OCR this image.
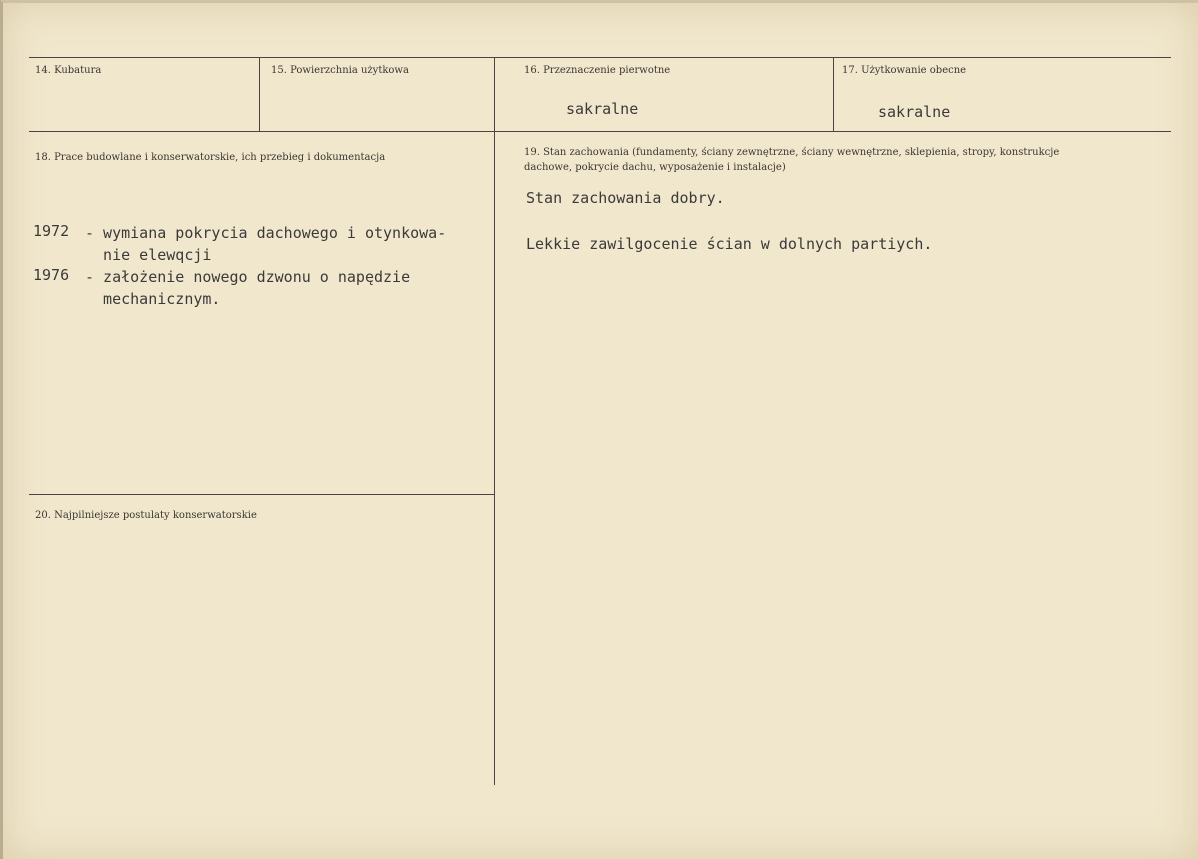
14. Kubatura	15. Powierzchnia użytkowa	16. Przeznaczenie pierwotne
sakralne
17. Użytkowanie obecne
sakralne
18. Prace budowlane i konserwatorskie, ich przebieg i dokumentacja
1972 - wymiana pokrycia dachowego i otynkowa-
nie elewqcji
1976 - założenie nowego dzwonu o napędzie
mechanicznym.
19. Stan zachowania (fundamenty, ściany zewnętrzne, ściany wewnętrzne, sklepienia, stropy, konstrukcje dachowe, pokrycie dachu, wyposażenie i instalacje)
Stan zachowania dobry.
Lekkie zawilgocenie ścian w dolnych partiych.
20. Najpilniejsze postulaty konserwatorskie
